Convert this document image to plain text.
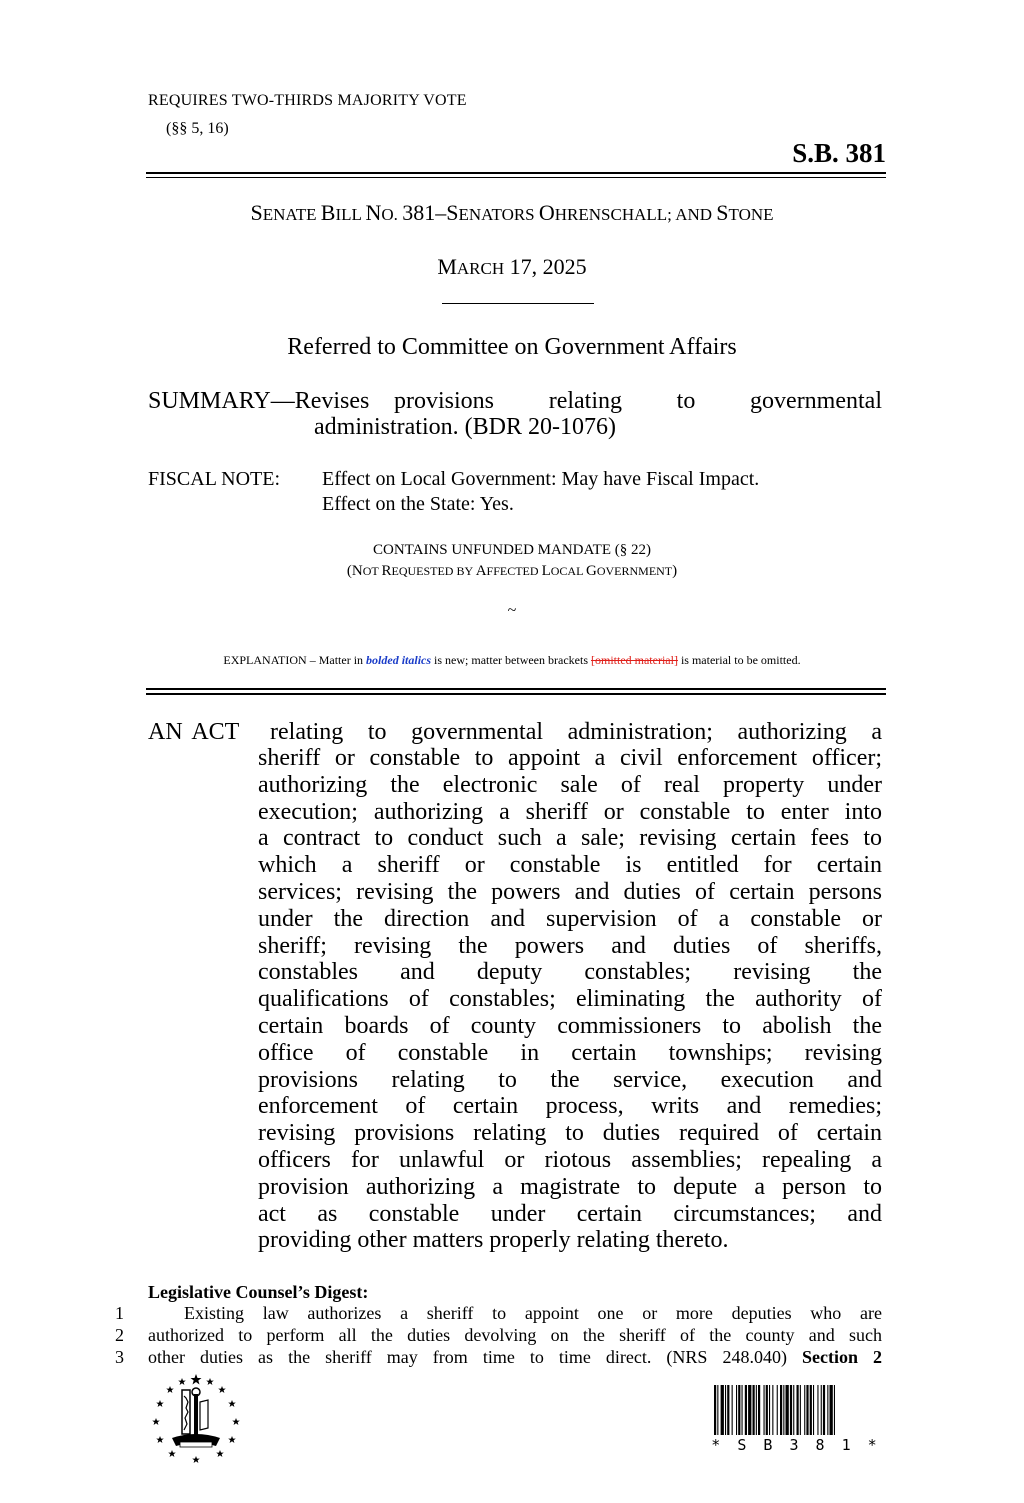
REQUIRES TWO-THIRDS MAJORITY VOTE
(§§ 5, 16)
S.B. 381
SENATE BILL NO. 381–SENATORS OHRENSCHALL; AND STONE
MARCH 17, 2025
Referred to Committee on Government Affairs
SUMMARY—Revises	provisions relating to governmental
administration. (BDR 20-1076)
FISCAL NOTE: Effect on Local Government: May have Fiscal Impact.
Effect on the State: Yes.
CONTAINS UNFUNDED MANDATE (§ 22)
(NOT REQUESTED BY AFFECTED LOCAL GOVERNMENT)
~
EXPLANATION – Matter in bolded italics is new; matter between brackets [omitted material] is material to be omitted.
AN ACT relating to governmental administration; authorizing a
sheriff or constable to appoint a civil enforcement officer;
authorizing the electronic sale of real property under
execution; authorizing a sheriff or constable to enter into
a contract to conduct such a sale; revising certain fees to
which a sheriff or constable is entitled for certain
services; revising the powers and duties of certain persons
under the direction and supervision of a constable or
sheriff; revising the powers and duties of sheriffs,
constables and deputy constables; revising the
qualifications of constables; eliminating the authority of
certain boards of county commissioners to abolish the
office of constable in certain townships; revising
provisions relating to the service, execution and
enforcement of certain process, writs and remedies;
revising provisions relating to duties required of certain
officers for unlawful or riotous assemblies; repealing a
provision authorizing a magistrate to depute a person to
act as constable under certain circumstances; and
providing other matters properly relating thereto.
Legislative Counsel’s Digest:
1	Existing law authorizes a sheriff to appoint one or more deputies who are
2 authorized to perform all the duties devolving on the sheriff of the county and such
3 other duties as the sheriff may from time to time direct. (NRS 248.040) Section 2
* S B 3 8 1 *
